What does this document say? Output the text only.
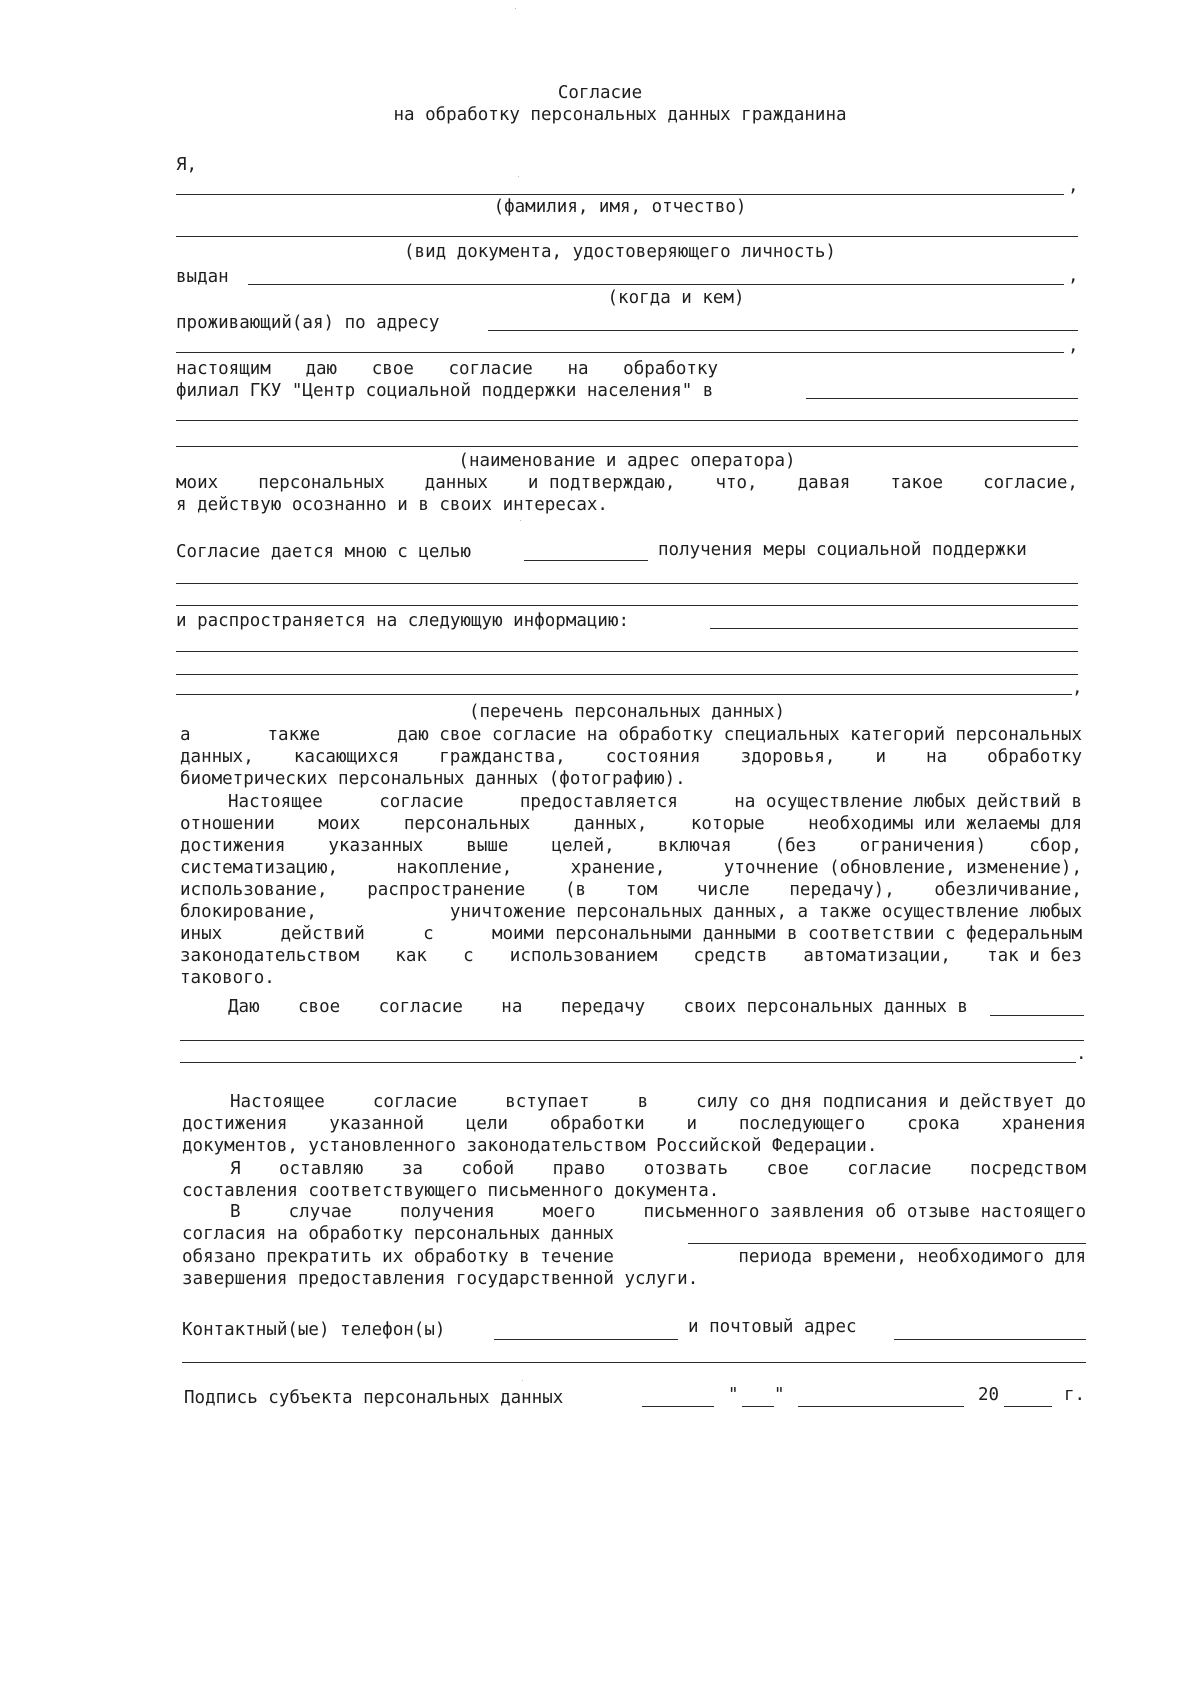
Согласие
на обработку персональных данных гражданина
Я,
,
(фамилия, имя, отчество)
(вид документа, удостоверяющего личность)
выдан	,
(когда и кем)
проживающий(ая) по адресу
,
настоящим даю свое согласие на обработку
филиал ГКУ "Центр социальной поддержки населения" в
(наименование и адрес оператора)
моих персональных данных и подтверждаю, что, давая такое согласие,
я действую осознанно и в своих интересах.
Согласие дается мною с целью	получения меры социальной поддержки
и распространяется на следующую информацию:
,
(перечень персональных данных)
а	также	даю свое согласие на обработку специальных категорий персональных
данных, касающихся гражданства, состояния здоровья, и на обработку
биометрических персональных данных (фотографию).
Настоящее	согласие	предоставляется	на осуществление любых действий в
отношении моих персональных данных, которые необходимы или желаемы для
достижения указанных выше целей, включая (без ограничения) сбор,
систематизацию,	накопление,	хранение,	уточнение (обновление, изменение),
использование, распространение (в том числе передачу), обезличивание,
блокирование,	уничтожение персональных данных, а также осуществление любых
иных	действий	с	моими персональными данными в соответствии с федеральным
законодательством как с использованием средств автоматизации, так и без
такового.
Даю свое согласие на передачу своих персональных данных в
.
Настоящее	согласие	вступает	в	силу со дня подписания и действует до
достижения указанной цели обработки и последующего срока хранения
документов, установленного законодательством Российской Федерации.
Я оставляю за собой право отозвать свое согласие посредством
составления соответствующего письменного документа.
В	случае	получения	моего	письменного заявления об отзыве настоящего
согласия на обработку персональных данных
обязано прекратить их обработку в течение	периода времени, необходимого для
завершения предоставления государственной услуги.
Контактный(ые) телефон(ы)	и почтовый адрес
Подпись субъекта персональных данных	" "	20	г.
